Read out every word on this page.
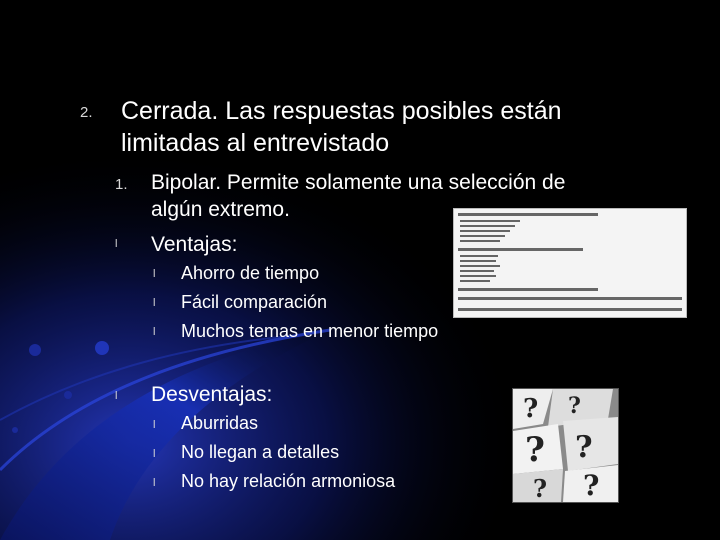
2. Cerrada. Las respuestas posibles están
limitadas al entrevistado
1. Bipolar. Permite solamente una selección de
algún extremo.
l Ventajas:
l Ahorro de tiempo
l Fácil comparación
l Muchos temas en menor tiempo
l Desventajas:
l Aburridas
l No llegan a detalles
l No hay relación armoniosa
? ?
? ?
? ?
